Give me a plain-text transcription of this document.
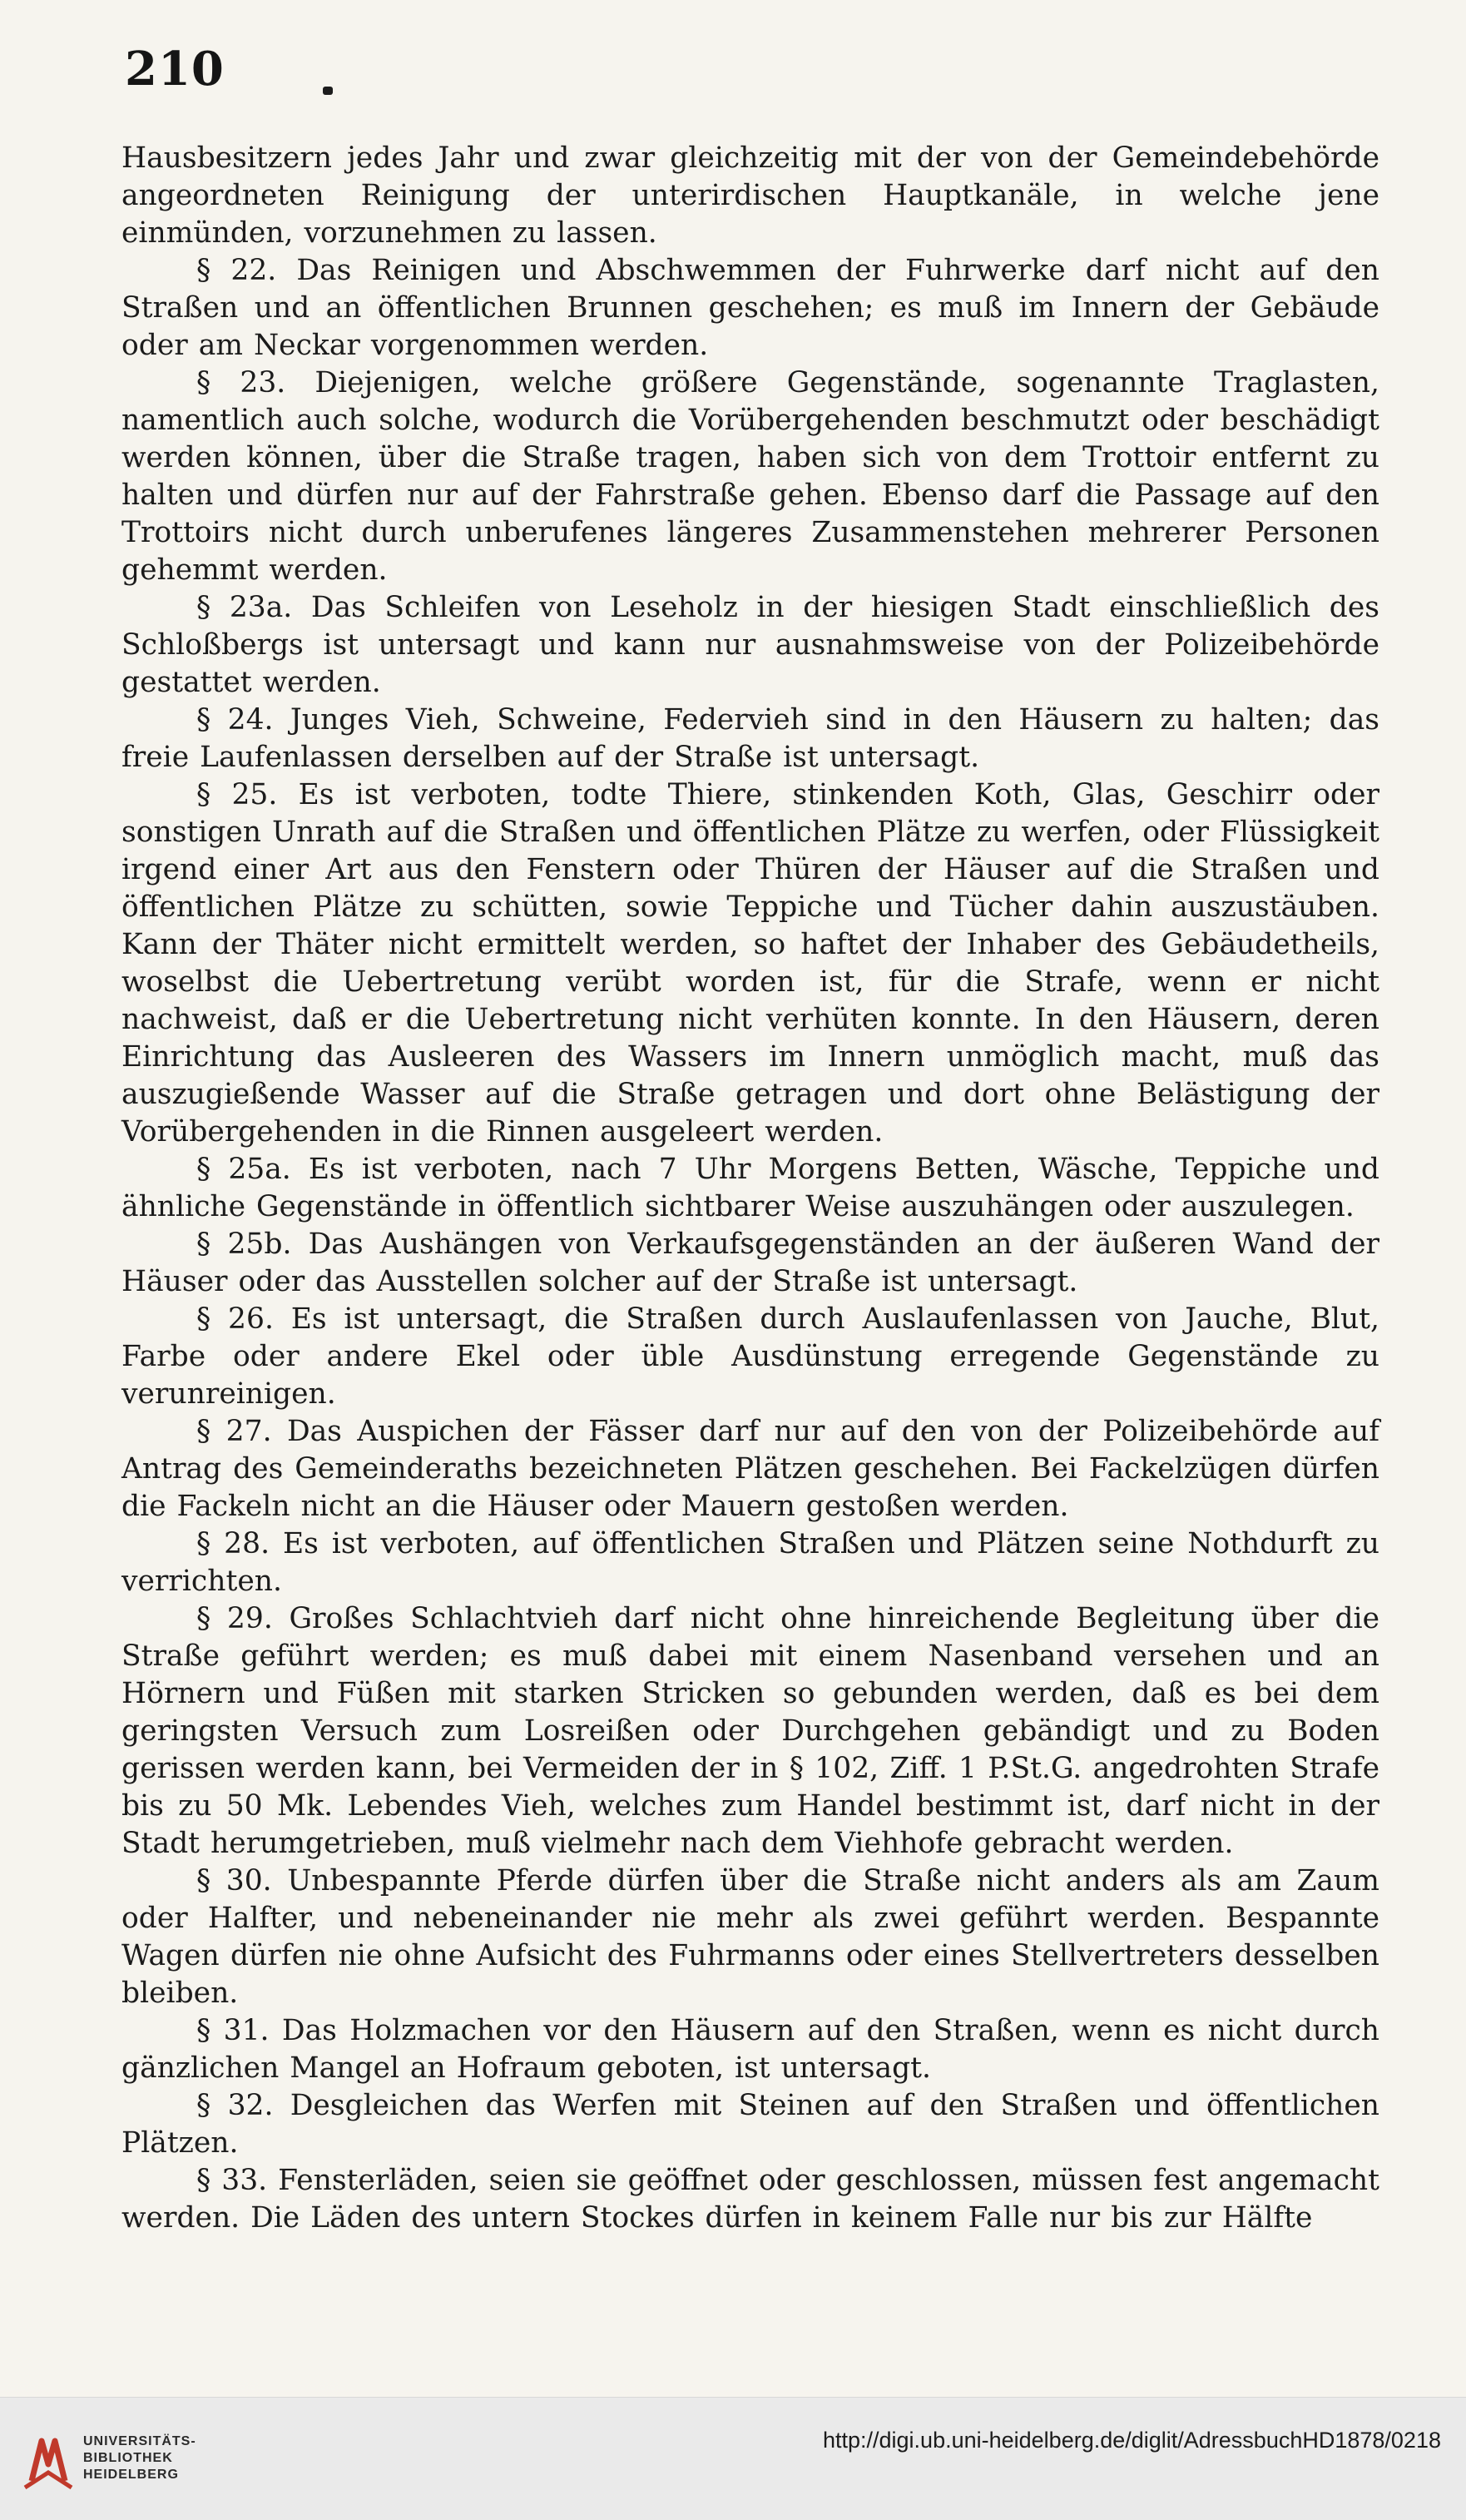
210

Hausbesitzern jedes Jahr und zwar gleichzeitig mit der von der Gemeindebehörde angeordneten Reinigung der unterirdischen Hauptkanäle, in welche jene einmünden, vorzunehmen zu lassen.

§ 22. Das Reinigen und Abschwemmen der Fuhrwerke darf nicht auf den Straßen und an öffentlichen Brunnen geschehen; es muß im Innern der Gebäude oder am Neckar vorgenommen werden.

§ 23. Diejenigen, welche größere Gegenstände, sogenannte Traglasten, namentlich auch solche, wodurch die Vorübergehenden beschmutzt oder beschädigt werden können, über die Straße tragen, haben sich von dem Trottoir entfernt zu halten und dürfen nur auf der Fahrstraße gehen. Ebenso darf die Passage auf den Trottoirs nicht durch unberufenes längeres Zusammenstehen mehrerer Personen gehemmt werden.

§ 23a. Das Schleifen von Leseholz in der hiesigen Stadt einschließlich des Schloßbergs ist untersagt und kann nur ausnahmsweise von der Polizeibehörde gestattet werden.

§ 24. Junges Vieh, Schweine, Federvieh sind in den Häusern zu halten; das freie Laufenlassen derselben auf der Straße ist untersagt.

§ 25. Es ist verboten, todte Thiere, stinkenden Koth, Glas, Geschirr oder sonstigen Unrath auf die Straßen und öffentlichen Plätze zu werfen, oder Flüssigkeit irgend einer Art aus den Fenstern oder Thüren der Häuser auf die Straßen und öffentlichen Plätze zu schütten, sowie Teppiche und Tücher dahin auszustäuben. Kann der Thäter nicht ermittelt werden, so haftet der Inhaber des Gebäudetheils, woselbst die Uebertretung verübt worden ist, für die Strafe, wenn er nicht nachweist, daß er die Uebertretung nicht verhüten konnte. In den Häusern, deren Einrichtung das Ausleeren des Wassers im Innern unmöglich macht, muß das auszugießende Wasser auf die Straße getragen und dort ohne Belästigung der Vorübergehenden in die Rinnen ausgeleert werden.

§ 25a. Es ist verboten, nach 7 Uhr Morgens Betten, Wäsche, Teppiche und ähnliche Gegenstände in öffentlich sichtbarer Weise auszuhängen oder auszulegen.

§ 25b. Das Aushängen von Verkaufsgegenständen an der äußeren Wand der Häuser oder das Ausstellen solcher auf der Straße ist untersagt.

§ 26. Es ist untersagt, die Straßen durch Auslaufenlassen von Jauche, Blut, Farbe oder andere Ekel oder üble Ausdünstung erregende Gegenstände zu verunreinigen.

§ 27. Das Auspichen der Fässer darf nur auf den von der Polizeibehörde auf Antrag des Gemeinderaths bezeichneten Plätzen geschehen. Bei Fackelzügen dürfen die Fackeln nicht an die Häuser oder Mauern gestoßen werden.

§ 28. Es ist verboten, auf öffentlichen Straßen und Plätzen seine Nothdurft zu verrichten.

§ 29. Großes Schlachtvieh darf nicht ohne hinreichende Begleitung über die Straße geführt werden; es muß dabei mit einem Nasenband versehen und an Hörnern und Füßen mit starken Stricken so gebunden werden, daß es bei dem geringsten Versuch zum Losreißen oder Durchgehen gebändigt und zu Boden gerissen werden kann, bei Vermeiden der in § 102, Ziff. 1 P.St.G. angedrohten Strafe bis zu 50 Mk. Lebendes Vieh, welches zum Handel bestimmt ist, darf nicht in der Stadt herumgetrieben, muß vielmehr nach dem Viehhofe gebracht werden.

§ 30. Unbespannte Pferde dürfen über die Straße nicht anders als am Zaum oder Halfter, und nebeneinander nie mehr als zwei geführt werden. Bespannte Wagen dürfen nie ohne Aufsicht des Fuhrmanns oder eines Stellvertreters desselben bleiben.

§ 31. Das Holzmachen vor den Häusern auf den Straßen, wenn es nicht durch gänzlichen Mangel an Hofraum geboten, ist untersagt.

§ 32. Desgleichen das Werfen mit Steinen auf den Straßen und öffentlichen Plätzen.

§ 33. Fensterläden, seien sie geöffnet oder geschlossen, müssen fest angemacht werden. Die Läden des untern Stockes dürfen in keinem Falle nur bis zur Hälfte

UNIVERSITÄTS-
BIBLIOTHEK
HEIDELBERG
http://digi.ub.uni-heidelberg.de/diglit/AdressbuchHD1878/0218
